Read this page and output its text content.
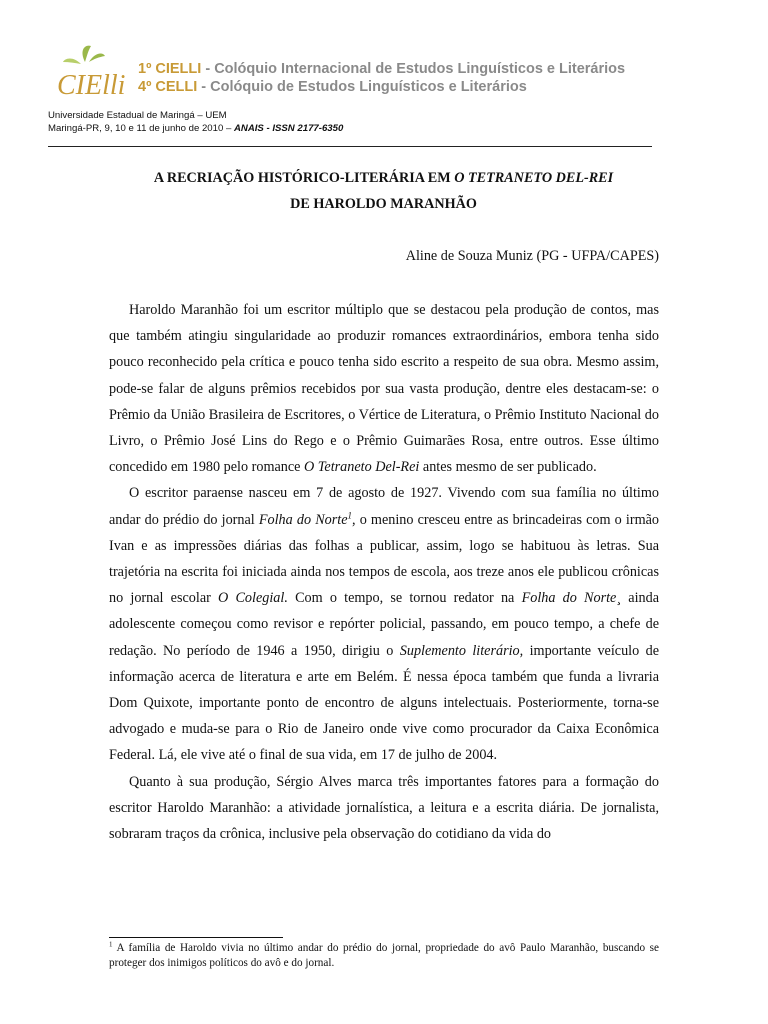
CIElli
1º CIELLI - Colóquio Internacional de Estudos Linguísticos e Literários
4º CELLI - Colóquio de Estudos Linguísticos e Literários
Universidade Estadual de Maringá – UEM
Maringá-PR, 9, 10 e 11 de junho de 2010 – ANAIS - ISSN 2177-6350
A RECRIAÇÃO HISTÓRICO-LITERÁRIA EM O TETRANETO DEL-REI
DE HAROLDO MARANHÃO
Aline de Souza Muniz (PG - UFPA/CAPES)

Haroldo Maranhão foi um escritor múltiplo que se destacou pela produção de contos, mas que também atingiu singularidade ao produzir romances extraordinários, embora tenha sido pouco reconhecido pela crítica e pouco tenha sido escrito a respeito de sua obra. Mesmo assim, pode-se falar de alguns prêmios recebidos por sua vasta produção, dentre eles destacam-se: o Prêmio da União Brasileira de Escritores, o Vértice de Literatura, o Prêmio Instituto Nacional do Livro, o Prêmio José Lins do Rego e o Prêmio Guimarães Rosa, entre outros. Esse último concedido em 1980 pelo romance O Tetraneto Del-Rei antes mesmo de ser publicado.

O escritor paraense nasceu em 7 de agosto de 1927. Vivendo com sua família no último andar do prédio do jornal Folha do Norte$^1$, o menino cresceu entre as brincadeiras com o irmão Ivan e as impressões diárias das folhas a publicar, assim, logo se habituou às letras. Sua trajetória na escrita foi iniciada ainda nos tempos de escola, aos treze anos ele publicou crônicas no jornal escolar O Colegial. Com o tempo, se tornou redator na Folha do Norte¸ ainda adolescente começou como revisor e repórter policial, passando, em pouco tempo, a chefe de redação. No período de 1946 a 1950, dirigiu o Suplemento literário, importante veículo de informação acerca de literatura e arte em Belém. É nessa época também que funda a livraria Dom Quixote, importante ponto de encontro de alguns intelectuais. Posteriormente, torna-se advogado e muda-se para o Rio de Janeiro onde vive como procurador da Caixa Econômica Federal. Lá, ele vive até o final de sua vida, em 17 de julho de 2004.

Quanto à sua produção, Sérgio Alves marca três importantes fatores para a formação do escritor Haroldo Maranhão: a atividade jornalística, a leitura e a escrita diária. De jornalista, sobraram traços da crônica, inclusive pela observação do cotidiano da vida do

$^1$ A família de Haroldo vivia no último andar do prédio do jornal, propriedade do avô Paulo Maranhão, buscando se proteger dos inimigos políticos do avô e do jornal.
